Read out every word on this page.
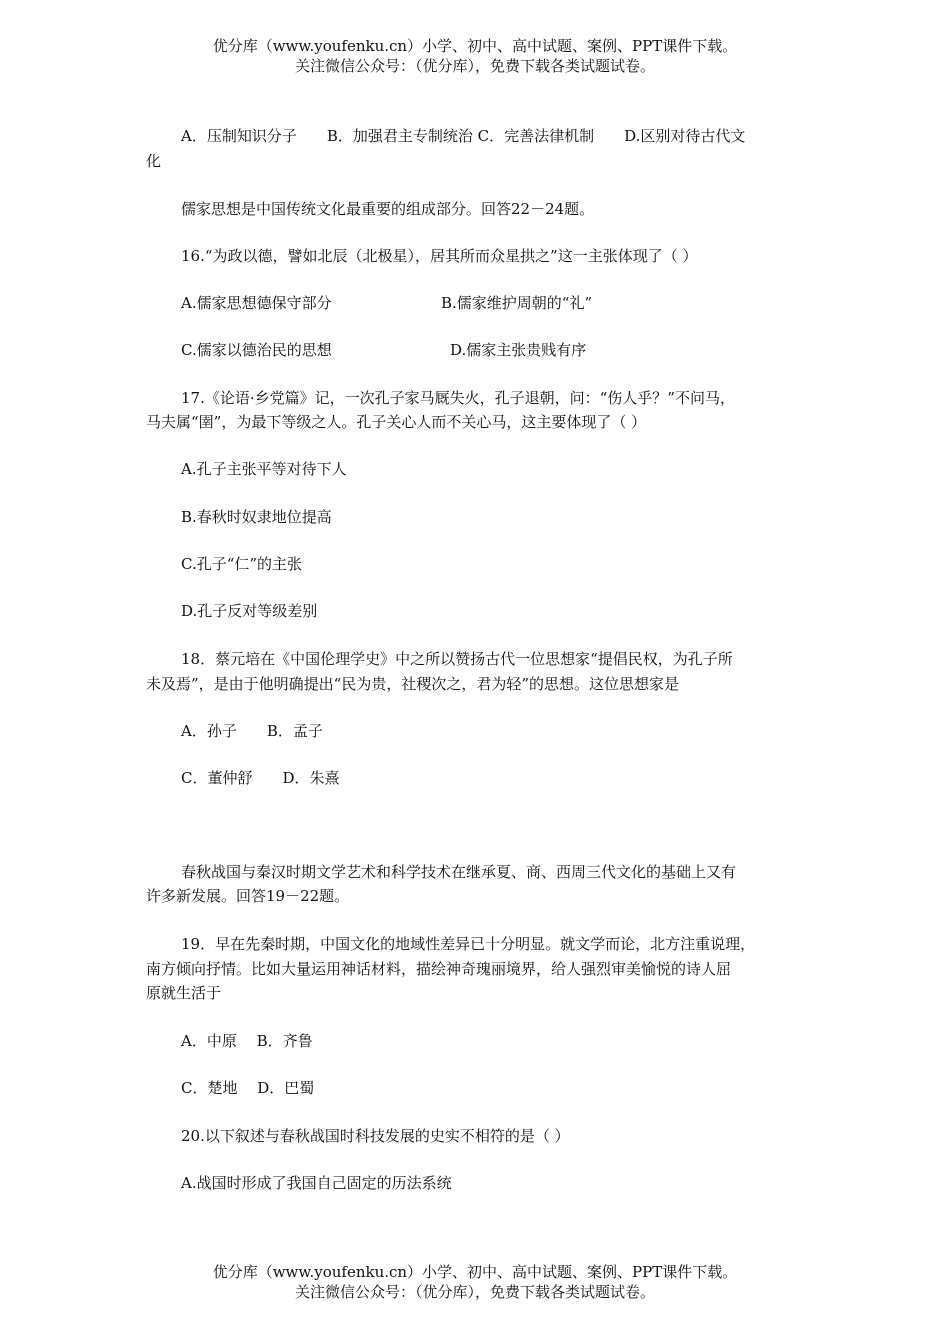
优分库（www.youfenku.cn）小学、初中、高中试题、案例、PPT课件下载。
关注微信公众号：（优分库），免费下载各类试题试卷。
A．压制知识分子　　B．加强君主专制统治 C．完善法律机制　　D.区别对待古代文
化
儒家思想是中国传统文化最重要的组成部分。回答22－24题。
16.“为政以德，譬如北辰（北极星），居其所而众星拱之”这一主张体现了（ ）
A.儒家思想德保守部分	B.儒家维护周朝的“礼”
C.儒家以德治民的思想	D.儒家主张贵贱有序
17.《论语·乡党篇》记，一次孔子家马厩失火，孔子退朝，问：“伤人乎？”不问马，
马夫属“圉”，为最下等级之人。孔子关心人而不关心马，这主要体现了（ ）
A.孔子主张平等对待下人
B.春秋时奴隶地位提高
C.孔子“仁”的主张
D.孔子反对等级差别
18．蔡元培在《中国伦理学史》中之所以赞扬古代一位思想家“提倡民权，为孔子所
未及焉”，是由于他明确提出“民为贵，社稷次之，君为轻”的思想。这位思想家是
A．孙子　　B．孟子
C．董仲舒　　D．朱熹
春秋战国与秦汉时期文学艺术和科学技术在继承夏、商、西周三代文化的基础上又有
许多新发展。回答19－22题。
19．早在先秦时期，中国文化的地域性差异已十分明显。就文学而论，北方注重说理，
南方倾向抒情。比如大量运用神话材料，描绘神奇瑰丽境界，给人强烈审美愉悦的诗人屈
原就生活于
A．中原　 B．齐鲁
C．楚地　 D．巴蜀
20.以下叙述与春秋战国时科技发展的史实不相符的是（ ）
A.战国时形成了我国自己固定的历法系统
优分库（www.youfenku.cn）小学、初中、高中试题、案例、PPT课件下载。
关注微信公众号：（优分库），免费下载各类试题试卷。
